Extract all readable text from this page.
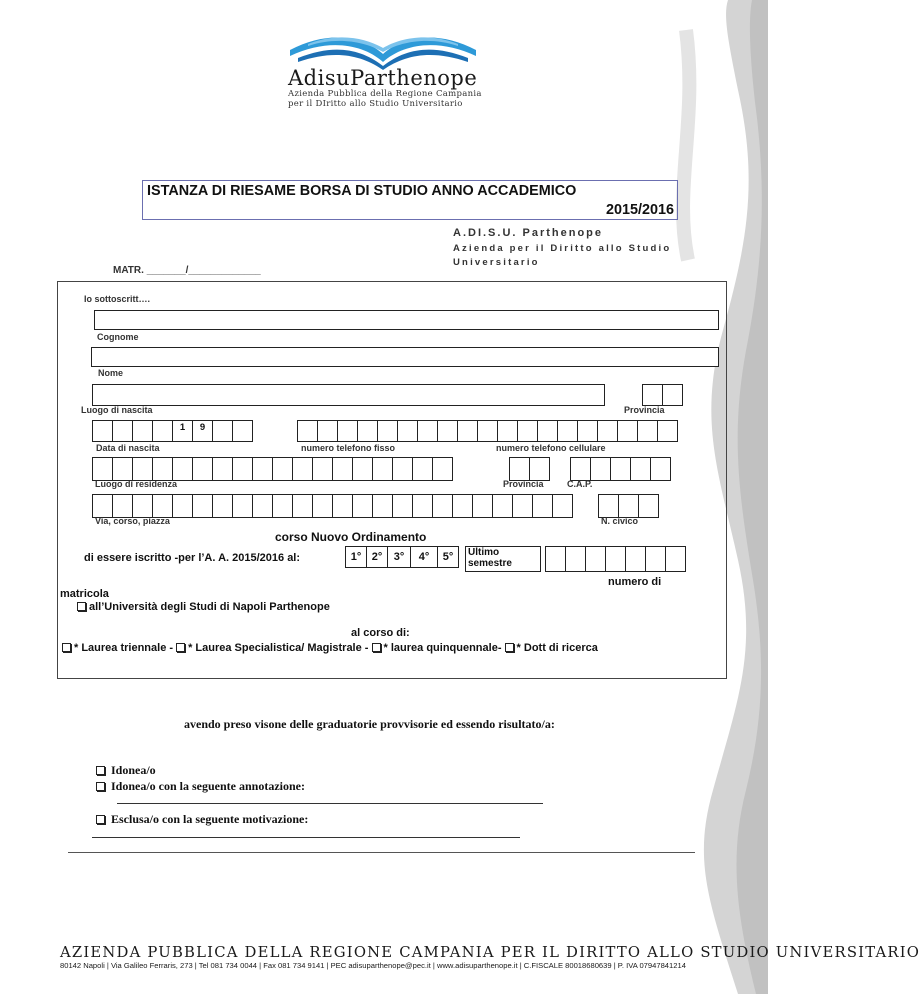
AdisuParthenope
Azienda Pubblica della Regione Campania
per il DIritto allo Studio Universitario
ISTANZA DI RIESAME BORSA DI STUDIO ANNO ACCADEMICO
2015/2016
A.DI.S.U. Parthenope
Azienda per il Diritto allo Studio Universitario
MATR. _______/_____________
Io sottoscritt….
Cognome
Nome
Luogo di nascita	Provincia
1	9
Data di nascita	numero telefono fisso	numero telefono cellulare
Luogo di residenza	Provincia	C.A.P.
Via, corso, piazza	N. civico
corso Nuovo Ordinamento
di essere iscritto -per l’A. A. 2015/2016 al:	1° 2°	3°	4°	5°	Ultimo
semestre
numero di
matricola
all’Università degli Studi di Napoli Parthenope
al corso di:
* Laurea triennale - * Laurea Specialistica/ Magistrale - * laurea quinquennale- * Dott di ricerca
avendo preso visone delle graduatorie provvisorie ed essendo risultato/a:
Idonea/o
Idonea/o con la seguente annotazione:
Esclusa/o con la seguente motivazione:
AZIENDA PUBBLICA DELLA REGIONE CAMPANIA PER IL DIRITTO ALLO STUDIO UNIVERSITARIO
80142 Napoli | Via Galileo Ferraris, 273 | Tel 081 734 0044 | Fax 081 734 9141 | PEC adisuparthenope@pec.it | www.adisuparthenope.it | C.FISCALE 80018680639 | P. IVA 07947841214
